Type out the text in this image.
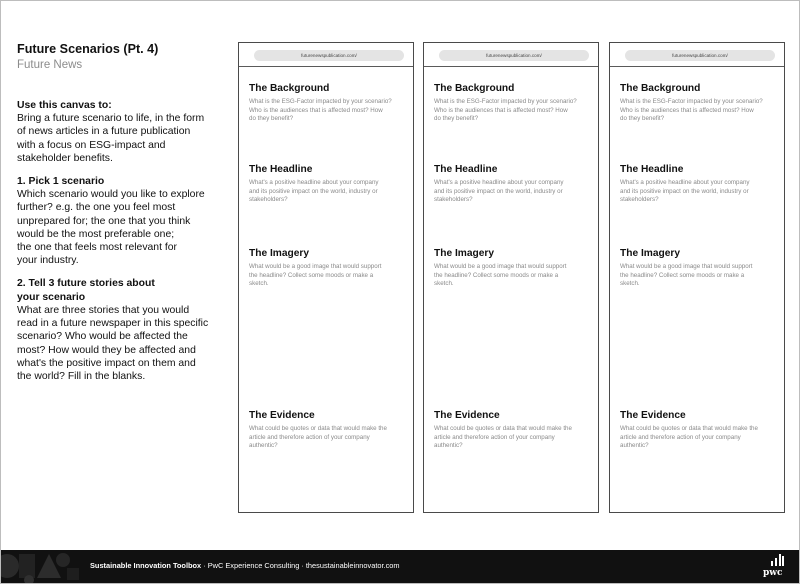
Future Scenarios (Pt. 4)
Future News
Use this canvas to:
Bring a future scenario to life, in the form
of news articles in a future publication
with a focus on ESG-impact and
stakeholder benefits.
1. Pick 1 scenario
Which scenario would you like to explore
further? e.g. the one you feel most
unprepared for; the one that you think
would be the most preferable one;
the one that feels most relevant for
your industry.
2. Tell 3 future stories about
your scenario
What are three stories that you would
read in a future newspaper in this specific
scenario? Who would be affected the
most? How would they be affected and
what's the positive impact on them and
the world? Fill in the blanks.
futurenewspublication.com/
The Background
What is the ESG-Factor impacted by your scenario?
Who is the audiences that is affected most? How
do they benefit?
The Headline
What's a positive headline about your company
and its positive impact on the world, industry or
stakeholders?
The Imagery
What would be a good image that would support
the headline? Collect some moods or make a
sketch.
The Evidence
What could be quotes or data that would make the
article and therefore action of your company
authentic?
futurenewspublication.com/
The Background
What is the ESG-Factor impacted by your scenario?
Who is the audiences that is affected most? How
do they benefit?
The Headline
What's a positive headline about your company
and its positive impact on the world, industry or
stakeholders?
The Imagery
What would be a good image that would support
the headline? Collect some moods or make a
sketch.
The Evidence
What could be quotes or data that would make the
article and therefore action of your company
authentic?
futurenewspublication.com/
The Background
What is the ESG-Factor impacted by your scenario?
Who is the audiences that is affected most? How
do they benefit?
The Headline
What's a positive headline about your company
and its positive impact on the world, industry or
stakeholders?
The Imagery
What would be a good image that would support
the headline? Collect some moods or make a
sketch.
The Evidence
What could be quotes or data that would make the
article and therefore action of your company
authentic?
Sustainable Innovation Toolbox · PwC Experience Consulting · thesustainableinnovator.com
pwc
